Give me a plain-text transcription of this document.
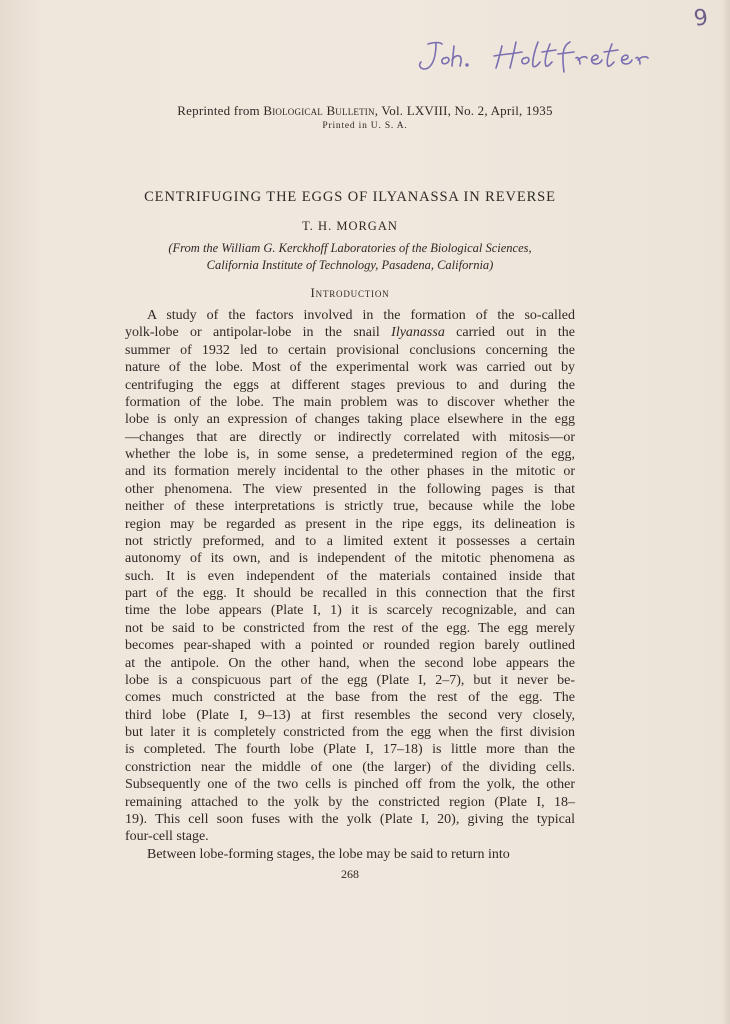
9
Reprinted from Biological Bulletin, Vol. LXVIII, No. 2, April, 1935
Printed in U. S. A.
CENTRIFUGING THE EGGS OF ILYANASSA IN REVERSE
T. H. MORGAN
(From the William G. Kerckhoff Laboratories of the Biological Sciences,
California Institute of Technology, Pasadena, California)
Introduction
A study of the factors involved in the formation of the so-called
yolk-lobe or antipolar-lobe in the snail Ilyanassa carried out in the
summer of 1932 led to certain provisional conclusions concerning the
nature of the lobe. Most of the experimental work was carried out by
centrifuging the eggs at different stages previous to and during the
formation of the lobe. The main problem was to discover whether the
lobe is only an expression of changes taking place elsewhere in the egg
—changes that are directly or indirectly correlated with mitosis—or
whether the lobe is, in some sense, a predetermined region of the egg,
and its formation merely incidental to the other phases in the mitotic or
other phenomena. The view presented in the following pages is that
neither of these interpretations is strictly true, because while the lobe
region may be regarded as present in the ripe eggs, its delineation is
not strictly preformed, and to a limited extent it possesses a certain
autonomy of its own, and is independent of the mitotic phenomena as
such. It is even independent of the materials contained inside that
part of the egg. It should be recalled in this connection that the first
time the lobe appears (Plate I, 1) it is scarcely recognizable, and can
not be said to be constricted from the rest of the egg. The egg merely
becomes pear-shaped with a pointed or rounded region barely outlined
at the antipole. On the other hand, when the second lobe appears the
lobe is a conspicuous part of the egg (Plate I, 2–7), but it never be-
comes much constricted at the base from the rest of the egg. The
third lobe (Plate I, 9–13) at first resembles the second very closely,
but later it is completely constricted from the egg when the first division
is completed. The fourth lobe (Plate I, 17–18) is little more than the
constriction near the middle of one (the larger) of the dividing cells.
Subsequently one of the two cells is pinched off from the yolk, the other
remaining attached to the yolk by the constricted region (Plate I, 18–
19). This cell soon fuses with the yolk (Plate I, 20), giving the typical
four-cell stage.
Between lobe-forming stages, the lobe may be said to return into
268
